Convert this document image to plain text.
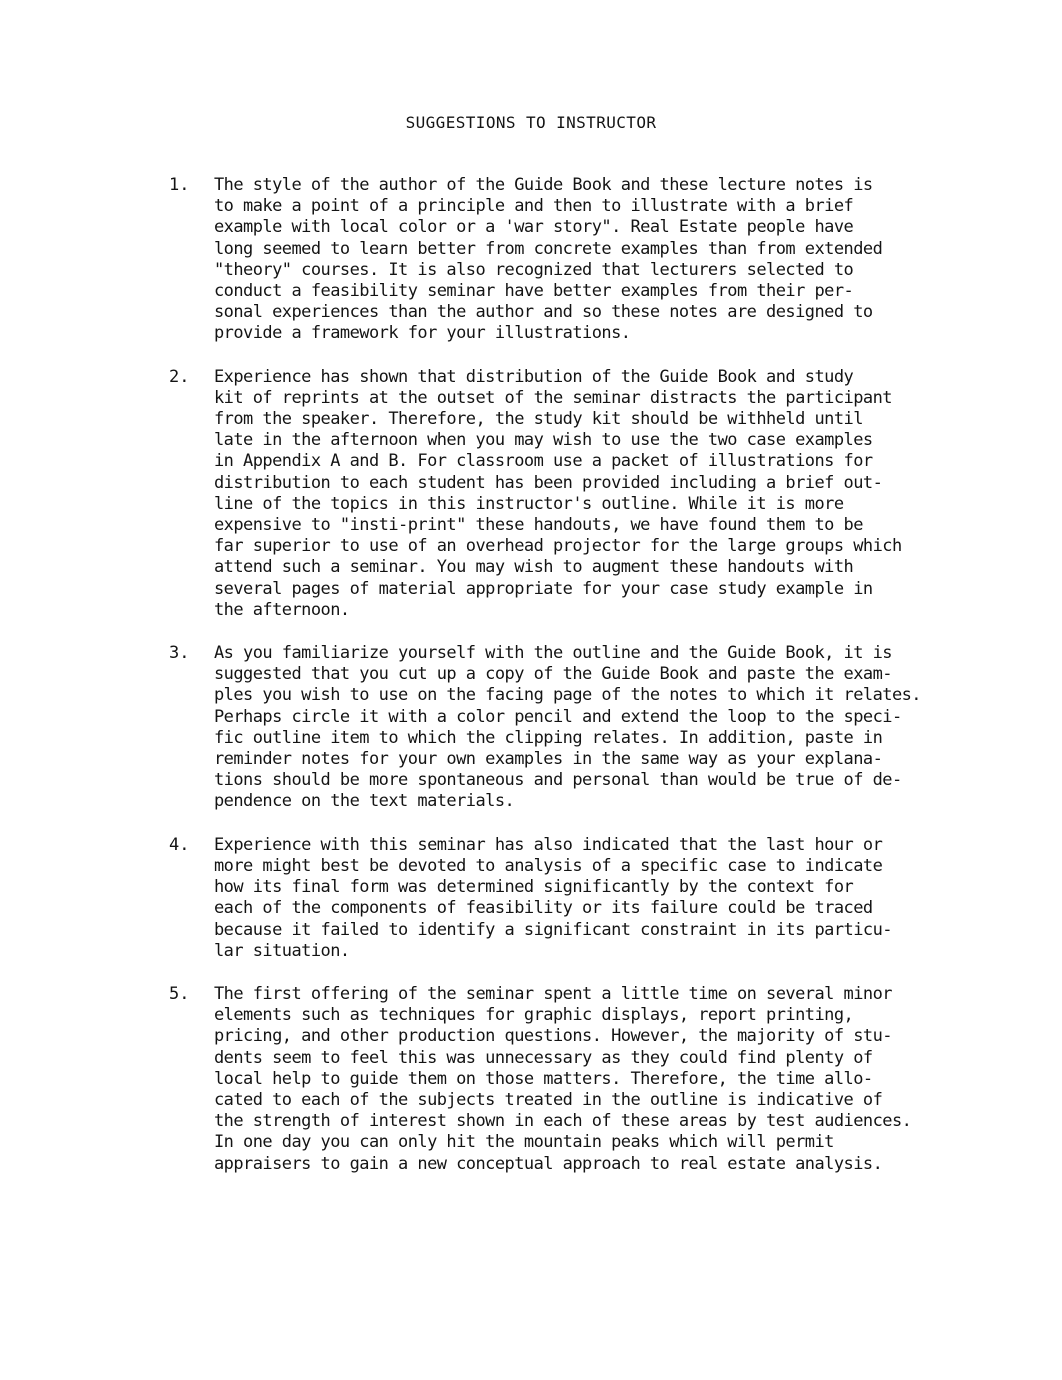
SUGGESTIONS TO INSTRUCTOR
1. The style of the author of the Guide Book and these lecture notes is
to make a point of a principle and then to illustrate with a brief
example with local color or a 'war story". Real Estate people have
long seemed to learn better from concrete examples than from extended
"theory" courses. It is also recognized that lecturers selected to
conduct a feasibility seminar have better examples from their per-
sonal experiences than the author and so these notes are designed to
provide a framework for your illustrations.
2. Experience has shown that distribution of the Guide Book and study
kit of reprints at the outset of the seminar distracts the participant
from the speaker. Therefore, the study kit should be withheld until
late in the afternoon when you may wish to use the two case examples
in Appendix A and B. For classroom use a packet of illustrations for
distribution to each student has been provided including a brief out-
line of the topics in this instructor's outline. While it is more
expensive to "insti-print" these handouts, we have found them to be
far superior to use of an overhead projector for the large groups which
attend such a seminar. You may wish to augment these handouts with
several pages of material appropriate for your case study example in
the afternoon.
3. As you familiarize yourself with the outline and the Guide Book, it is
suggested that you cut up a copy of the Guide Book and paste the exam-
ples you wish to use on the facing page of the notes to which it relates.
Perhaps circle it with a color pencil and extend the loop to the speci-
fic outline item to which the clipping relates. In addition, paste in
reminder notes for your own examples in the same way as your explana-
tions should be more spontaneous and personal than would be true of de-
pendence on the text materials.
4. Experience with this seminar has also indicated that the last hour or
more might best be devoted to analysis of a specific case to indicate
how its final form was determined significantly by the context for
each of the components of feasibility or its failure could be traced
because it failed to identify a significant constraint in its particu-
lar situation.
5. The first offering of the seminar spent a little time on several minor
elements such as techniques for graphic displays, report printing,
pricing, and other production questions. However, the majority of stu-
dents seem to feel this was unnecessary as they could find plenty of
local help to guide them on those matters. Therefore, the time allo-
cated to each of the subjects treated in the outline is indicative of
the strength of interest shown in each of these areas by test audiences.
In one day you can only hit the mountain peaks which will permit
appraisers to gain a new conceptual approach to real estate analysis.
